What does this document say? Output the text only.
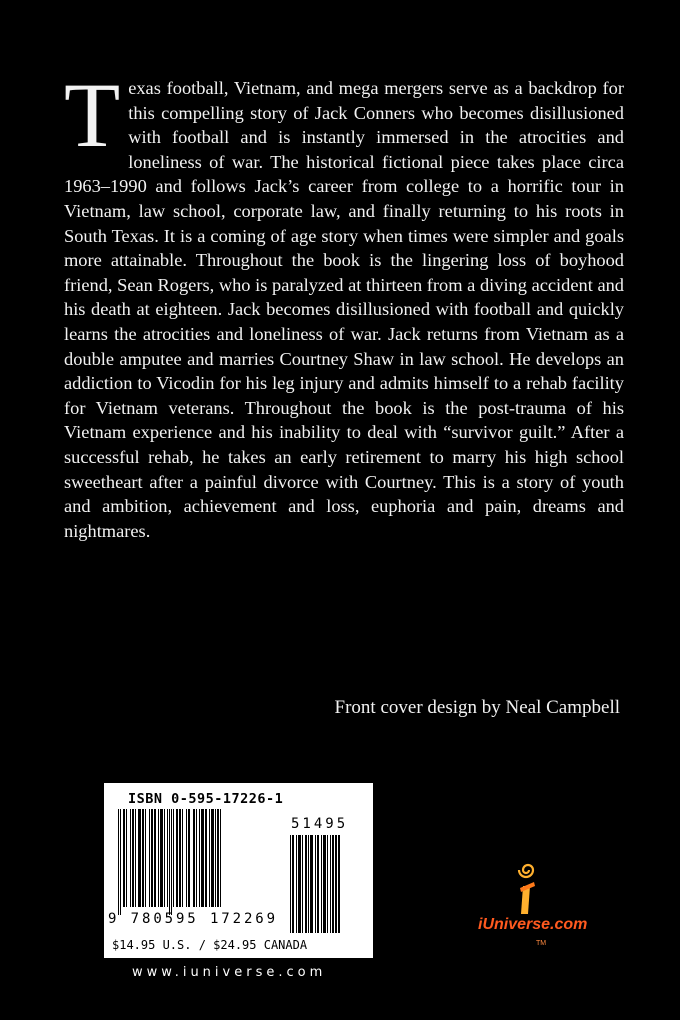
Texas football, Vietnam, and mega mergers serve as a backdrop for this compelling story of Jack Conners who becomes disillusioned with football and is instantly immersed in the atrocities and loneliness of war. The historical fictional piece takes place circa 1963–1990 and follows Jack’s career from college to a horrific tour in Vietnam, law school, corporate law, and finally returning to his roots in South Texas. It is a coming of age story when times were simpler and goals more attainable. Throughout the book is the lingering loss of boyhood friend, Sean Rogers, who is paralyzed at thirteen from a diving accident and his death at eighteen. Jack becomes disillusioned with football and quickly learns the atrocities and loneliness of war. Jack returns from Vietnam as a double amputee and marries Courtney Shaw in law school. He develops an addiction to Vicodin for his leg injury and admits himself to a rehab facility for Vietnam veterans. Throughout the book is the post-trauma of his Vietnam experience and his inability to deal with “survivor guilt.” After a successful rehab, he takes an early retirement to marry his high school sweetheart after a painful divorce with Courtney. This is a story of youth and ambition, achievement and loss, euphoria and pain, dreams and nightmares.
Front cover design by Neal Campbell
ISBN 0-595-17226-1
9 780595 172269
51495
$14.95 U.S. / $24.95 CANADA
www.iuniverse.com
iUniverse.com
TM
